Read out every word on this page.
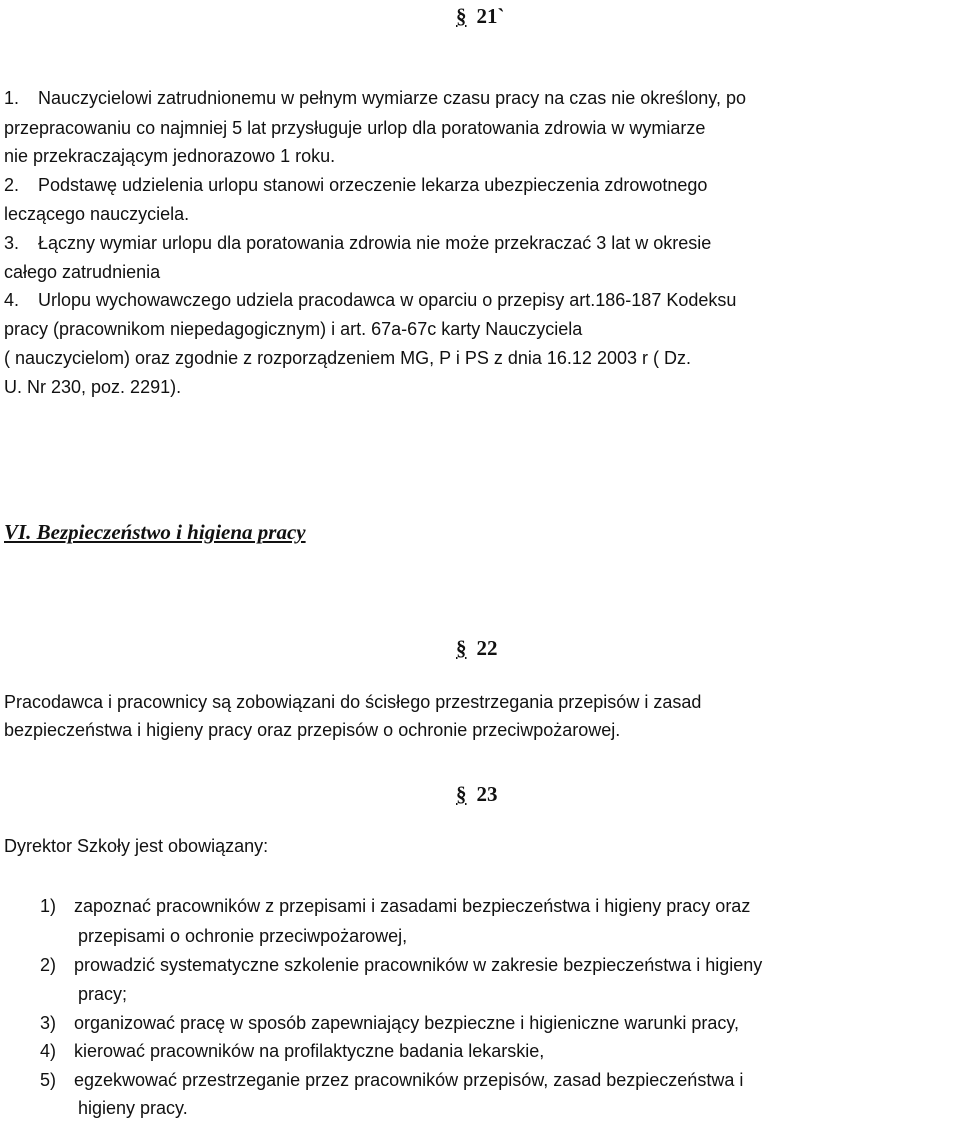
§ 21`
1. Nauczycielowi zatrudnionemu w pełnym wymiarze czasu pracy na czas nie określony, po
przepracowaniu co najmniej 5 lat przysługuje urlop dla poratowania zdrowia w wymiarze
nie przekraczającym jednorazowo 1 roku.
2. Podstawę udzielenia urlopu stanowi orzeczenie lekarza ubezpieczenia zdrowotnego
leczącego nauczyciela.
3. Łączny wymiar urlopu dla poratowania zdrowia nie może przekraczać 3 lat w okresie
całego zatrudnienia
4. Urlopu wychowawczego udziela pracodawca w oparciu o przepisy art.186-187 Kodeksu
pracy (pracownikom niepedagogicznym) i art. 67a-67c karty Nauczyciela
( nauczycielom) oraz zgodnie z rozporządzeniem MG, P i PS z dnia 16.12 2003 r ( Dz.
U. Nr 230, poz. 2291).
VI. Bezpieczeństwo i higiena pracy
§ 22
Pracodawca i pracownicy są zobowiązani do ścisłego przestrzegania przepisów i zasad
bezpieczeństwa i higieny pracy oraz przepisów o ochronie przeciwpożarowej.
§ 23
Dyrektor Szkoły jest obowiązany:
1) zapoznać pracowników z przepisami i zasadami bezpieczeństwa i higieny pracy oraz
przepisami o ochronie przeciwpożarowej,
2) prowadzić systematyczne szkolenie pracowników w zakresie bezpieczeństwa i higieny
pracy;
3) organizować pracę w sposób zapewniający bezpieczne i higieniczne warunki pracy,
4) kierować pracowników na profilaktyczne badania lekarskie,
5) egzekwować przestrzeganie przez pracowników przepisów, zasad bezpieczeństwa i
higieny pracy.
